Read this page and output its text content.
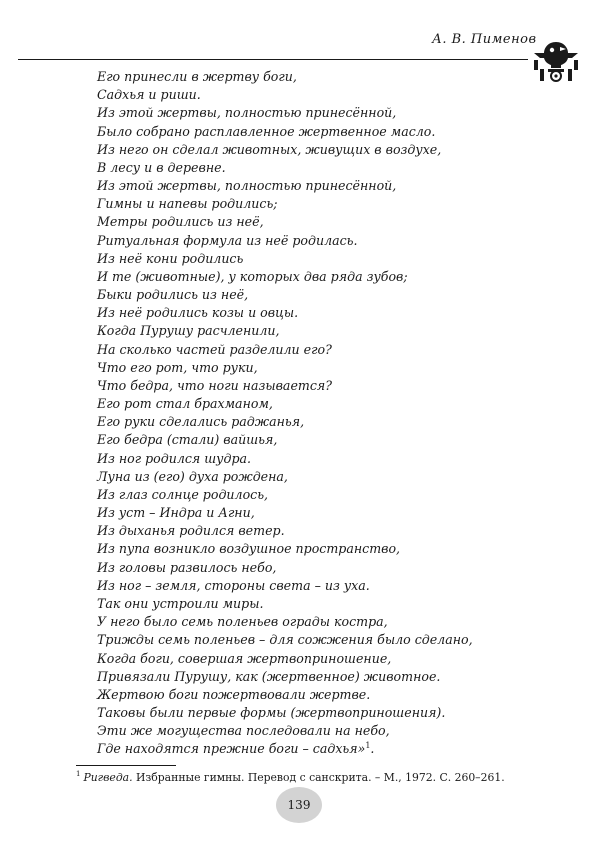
А. В. Пименов
Его принесли в жертву боги,
Садхья и риши.
Из этой жертвы, полностью принесённой,
Было собрано расплавленное жертвенное масло.
Из него он сделал животных, живущих в воздухе,
В лесу и в деревне.
Из этой жертвы, полностью принесённой,
Гимны и напевы родились;
Метры родились из неё,
Ритуальная формула из неё родилась.
Из неё кони родились
И те (животные), у которых два ряда зубов;
Быки родились из неё,
Из неё родились козы и овцы.
Когда Пурушу расчленили,
На сколько частей разделили его?
Что его рот, что руки,
Что бедра, что ноги называется?
Его рот стал брахманом,
Его руки сделались раджанья,
Его бедра (стали) вайшья,
Из ног родился шудра.
Луна из (его) духа рождена,
Из глаз солнце родилось,
Из уст – Индра и Агни,
Из дыханья родился ветер.
Из пупа возникло воздушное пространство,
Из головы развилось небо,
Из ног – земля, стороны света – из уха.
Так они устроили миры.
У него было семь поленьев ограды костра,
Трижды семь поленьев – для сожжения было сделано,
Когда боги, совершая жертвоприношение,
Привязали Пурушу, как (жертвенное) животное.
Жертвою боги пожертвовали жертве.
Таковы были первые формы (жертвоприношения).
Эти же могущества последовали на небо,
Где находятся прежние боги – садхья»$^1$.
$^1$ Ригведа. Избранные гимны. Перевод с санскрита. – М., 1972. С. 260–261.
139
